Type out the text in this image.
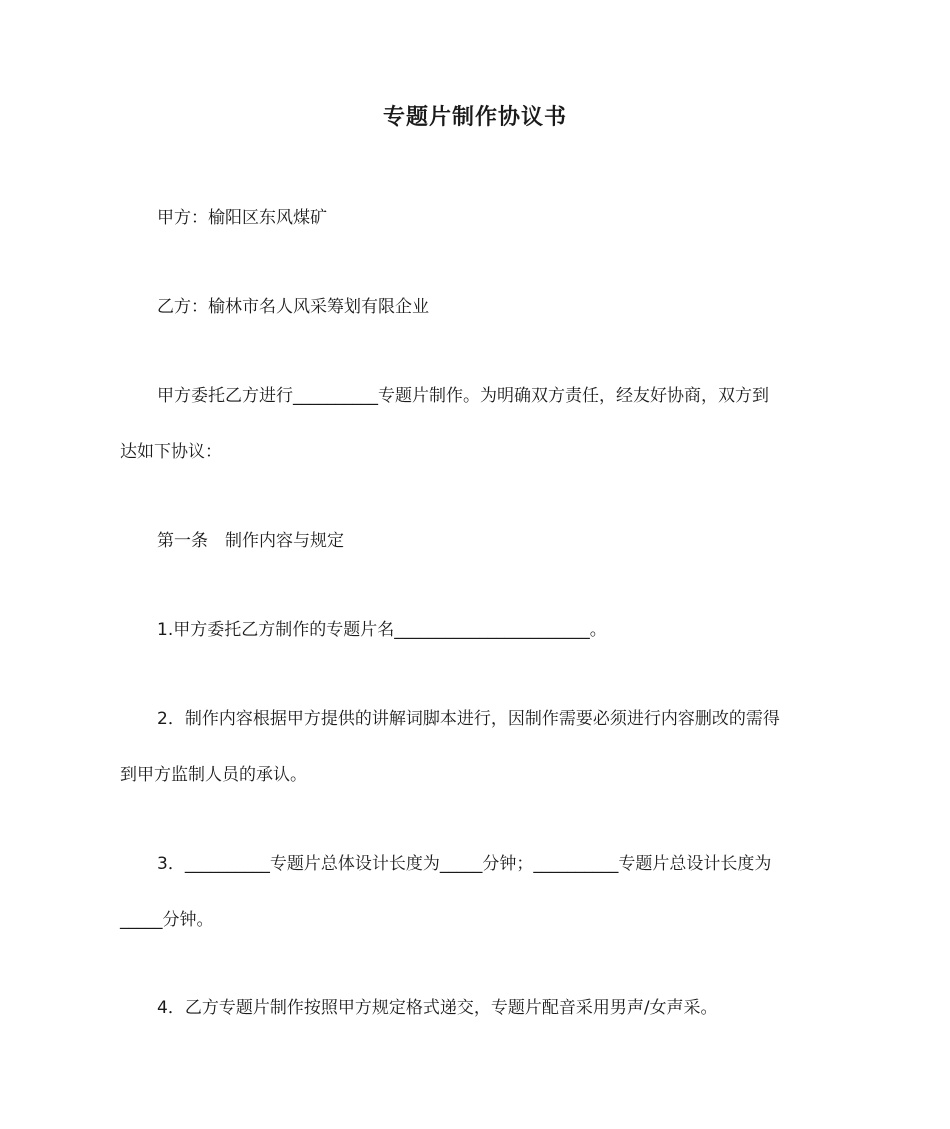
专题片制作协议书
甲方：榆阳区东风煤矿
乙方：榆林市名人风采筹划有限企业
甲方委托乙方进行__________专题片制作。为明确双方责任，经友好协商，双方到
达如下协议：
第一条　制作内容与规定
1.甲方委托乙方制作的专题片名_______________________。
2．制作内容根据甲方提供的讲解词脚本进行，因制作需要必须进行内容删改的需得
到甲方监制人员的承认。
3．__________专题片总体设计长度为_____分钟；__________专题片总设计长度为
_____分钟。
4．乙方专题片制作按照甲方规定格式递交，专题片配音采用男声/女声采。
